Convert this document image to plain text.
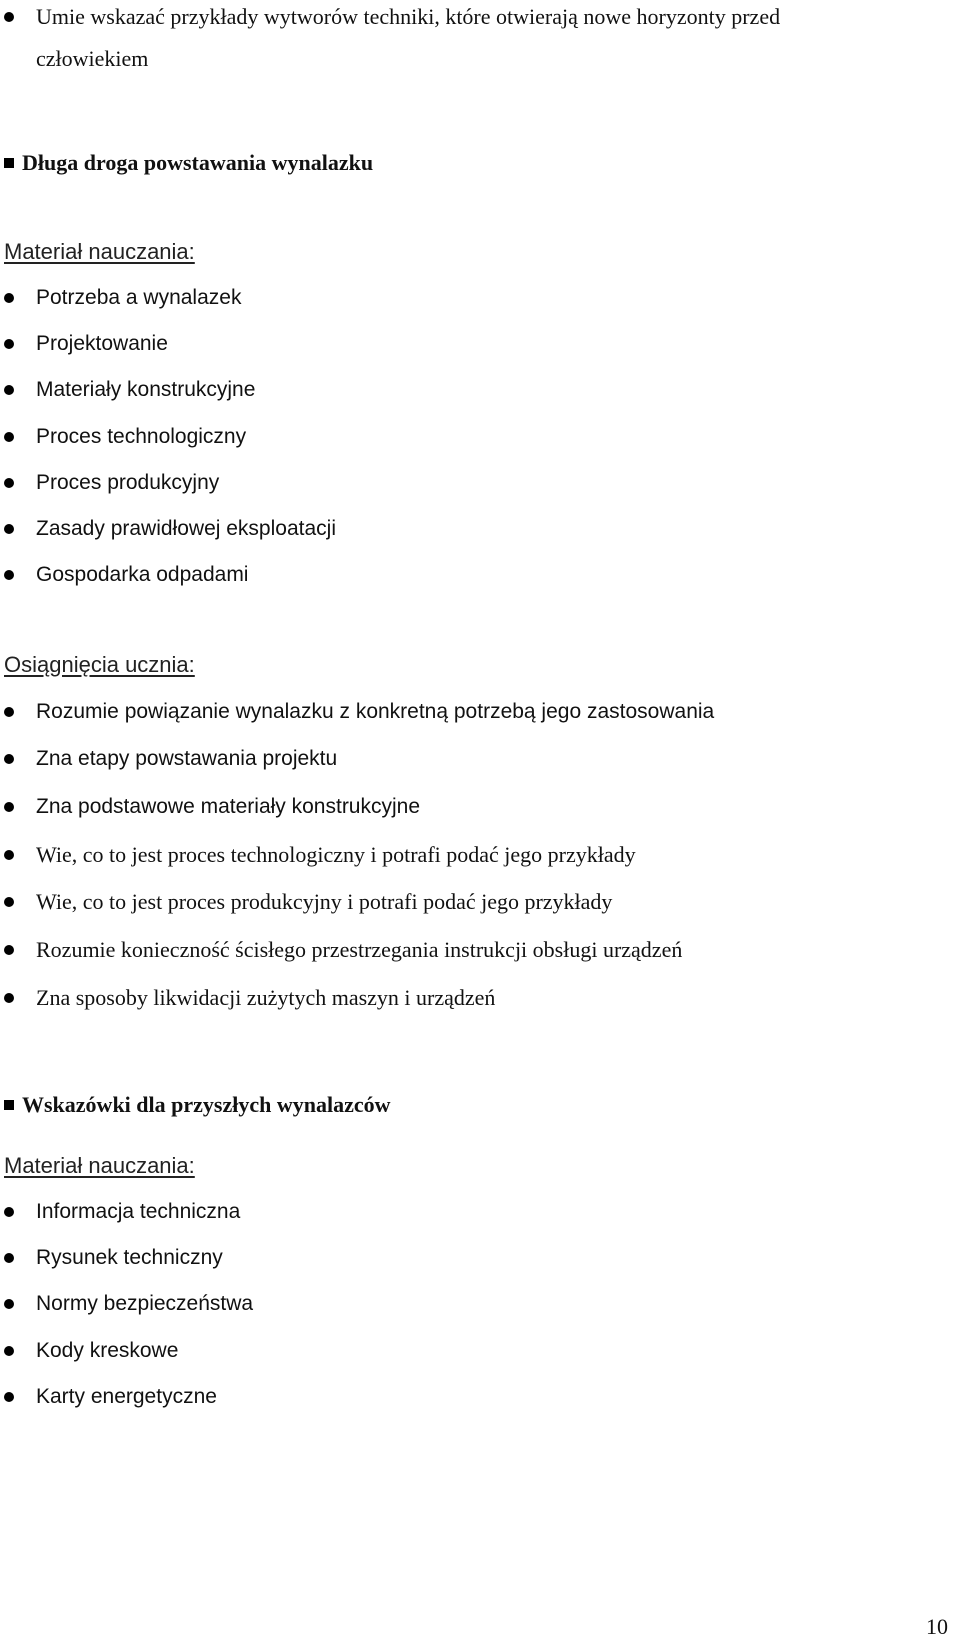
Umie wskazać przykłady wytworów techniki, które otwierają nowe horyzonty przed
człowiekiem
Długa droga powstawania wynalazku
Materiał nauczania:
Potrzeba a wynalazek
Projektowanie
Materiały konstrukcyjne
Proces technologiczny
Proces produkcyjny
Zasady prawidłowej eksploatacji
Gospodarka odpadami
Osiągnięcia ucznia:
Rozumie powiązanie wynalazku z konkretną potrzebą jego zastosowania
Zna etapy powstawania projektu
Zna podstawowe materiały konstrukcyjne
Wie, co to jest proces technologiczny i potrafi podać jego przykłady
Wie, co to jest proces produkcyjny i potrafi podać jego przykłady
Rozumie konieczność ścisłego przestrzegania instrukcji obsługi urządzeń
Zna sposoby likwidacji zużytych maszyn i urządzeń
Wskazówki dla przyszłych wynalazców
Materiał nauczania:
Informacja techniczna
Rysunek techniczny
Normy bezpieczeństwa
Kody kreskowe
Karty energetyczne
10
